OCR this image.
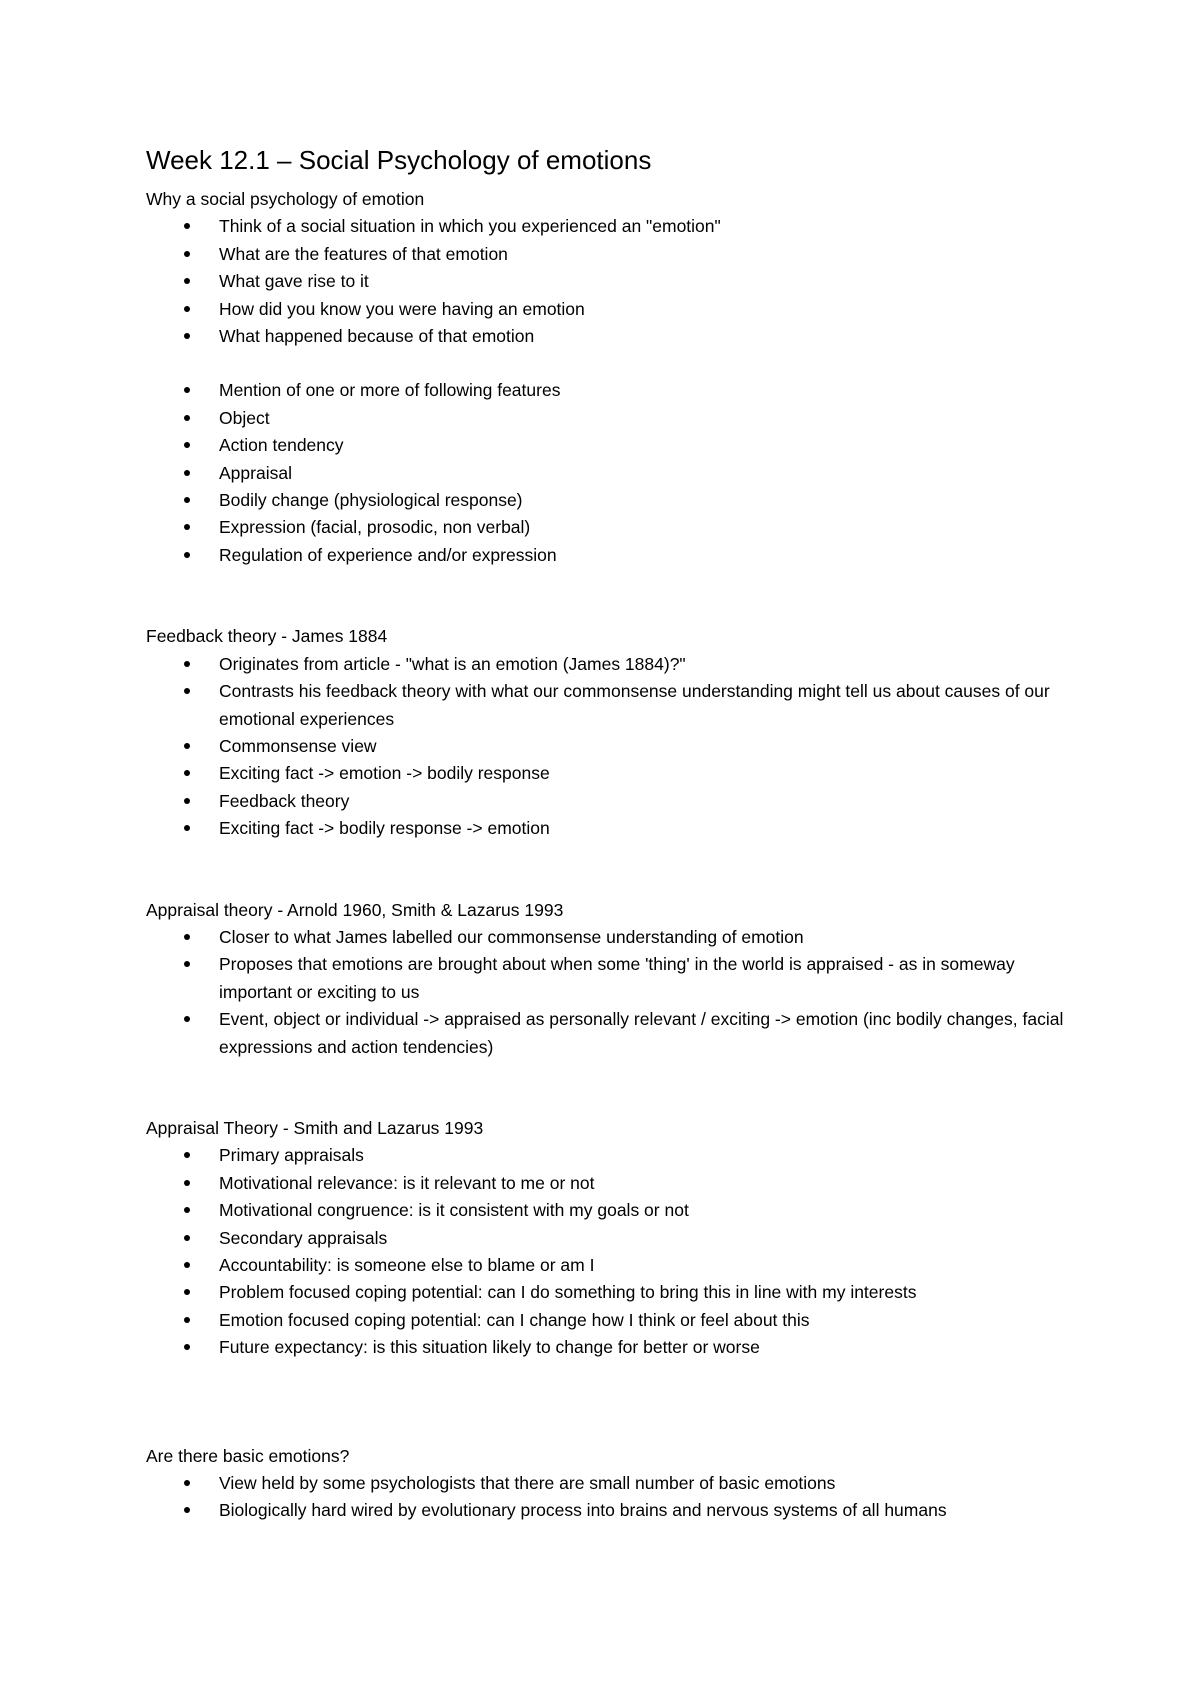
Week 12.1 – Social Psychology of emotions

Why a social psychology of emotion

Think of a social situation in which you experienced an "emotion"
What are the features of that emotion
What gave rise to it
How did you know you were having an emotion
What happened because of that emotion
Mention of one or more of following features
Object
Action tendency
Appraisal
Bodily change (physiological response)
Expression (facial, prosodic, non verbal)
Regulation of experience and/or expression

Feedback theory - James 1884

Originates from article - "what is an emotion (James 1884)?"
Contrasts his feedback theory with what our commonsense understanding might tell us about causes of our emotional experiences
Commonsense view
Exciting fact -> emotion -> bodily response
Feedback theory
Exciting fact -> bodily response -> emotion

Appraisal theory - Arnold 1960, Smith & Lazarus 1993

Closer to what James labelled our commonsense understanding of emotion
Proposes that emotions are brought about when some 'thing' in the world is appraised - as in someway important or exciting to us
Event, object or individual -> appraised as personally relevant / exciting -> emotion (inc bodily changes, facial expressions and action tendencies)

Appraisal Theory - Smith and Lazarus 1993

Primary appraisals
Motivational relevance: is it relevant to me or not
Motivational congruence: is it consistent with my goals or not
Secondary appraisals
Accountability: is someone else to blame or am I
Problem focused coping potential: can I do something to bring this in line with my interests
Emotion focused coping potential: can I change how I think or feel about this
Future expectancy: is this situation likely to change for better or worse

Are there basic emotions?

View held by some psychologists that there are small number of basic emotions
Biologically hard wired by evolutionary process into brains and nervous systems of all humans
